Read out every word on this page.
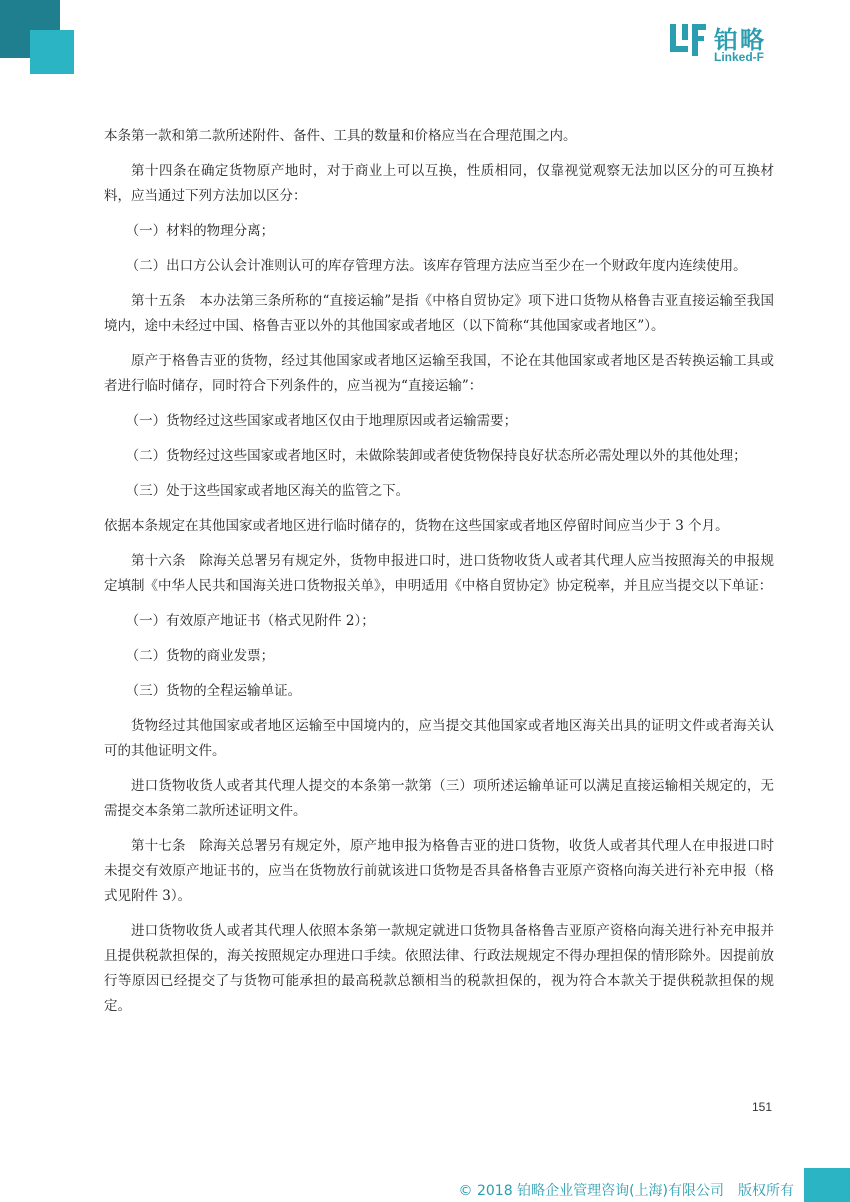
铂略
Linked-F

本条第一款和第二款所述附件、备件、工具的数量和价格应当在合理范围之内。

第十四条在确定货物原产地时，对于商业上可以互换，性质相同，仅靠视觉观察无法加以区分的可互换材料，应当通过下列方法加以区分：

（一）材料的物理分离；

（二）出口方公认会计准则认可的库存管理方法。该库存管理方法应当至少在一个财政年度内连续使用。

第十五条　本办法第三条所称的“直接运输”是指《中格自贸协定》项下进口货物从格鲁吉亚直接运输至我国境内，途中未经过中国、格鲁吉亚以外的其他国家或者地区（以下简称“其他国家或者地区”）。

原产于格鲁吉亚的货物，经过其他国家或者地区运输至我国，不论在其他国家或者地区是否转换运输工具或者进行临时储存，同时符合下列条件的，应当视为“直接运输”：

（一）货物经过这些国家或者地区仅由于地理原因或者运输需要；

（二）货物经过这些国家或者地区时，未做除装卸或者使货物保持良好状态所必需处理以外的其他处理；

（三）处于这些国家或者地区海关的监管之下。

依据本条规定在其他国家或者地区进行临时储存的，货物在这些国家或者地区停留时间应当少于 3 个月。

第十六条　除海关总署另有规定外，货物申报进口时，进口货物收货人或者其代理人应当按照海关的申报规定填制《中华人民共和国海关进口货物报关单》，申明适用《中格自贸协定》协定税率，并且应当提交以下单证：

（一）有效原产地证书（格式见附件 2）；

（二）货物的商业发票；

（三）货物的全程运输单证。

货物经过其他国家或者地区运输至中国境内的，应当提交其他国家或者地区海关出具的证明文件或者海关认可的其他证明文件。

进口货物收货人或者其代理人提交的本条第一款第（三）项所述运输单证可以满足直接运输相关规定的，无需提交本条第二款所述证明文件。

第十七条　除海关总署另有规定外，原产地申报为格鲁吉亚的进口货物，收货人或者其代理人在申报进口时未提交有效原产地证书的，应当在货物放行前就该进口货物是否具备格鲁吉亚原产资格向海关进行补充申报（格式见附件 3）。

进口货物收货人或者其代理人依照本条第一款规定就进口货物具备格鲁吉亚原产资格向海关进行补充申报并且提供税款担保的，海关按照规定办理进口手续。依照法律、行政法规规定不得办理担保的情形除外。因提前放行等原因已经提交了与货物可能承担的最高税款总额相当的税款担保的，视为符合本款关于提供税款担保的规定。

151
© 2018 铂略企业管理咨询(上海)有限公司　版权所有
